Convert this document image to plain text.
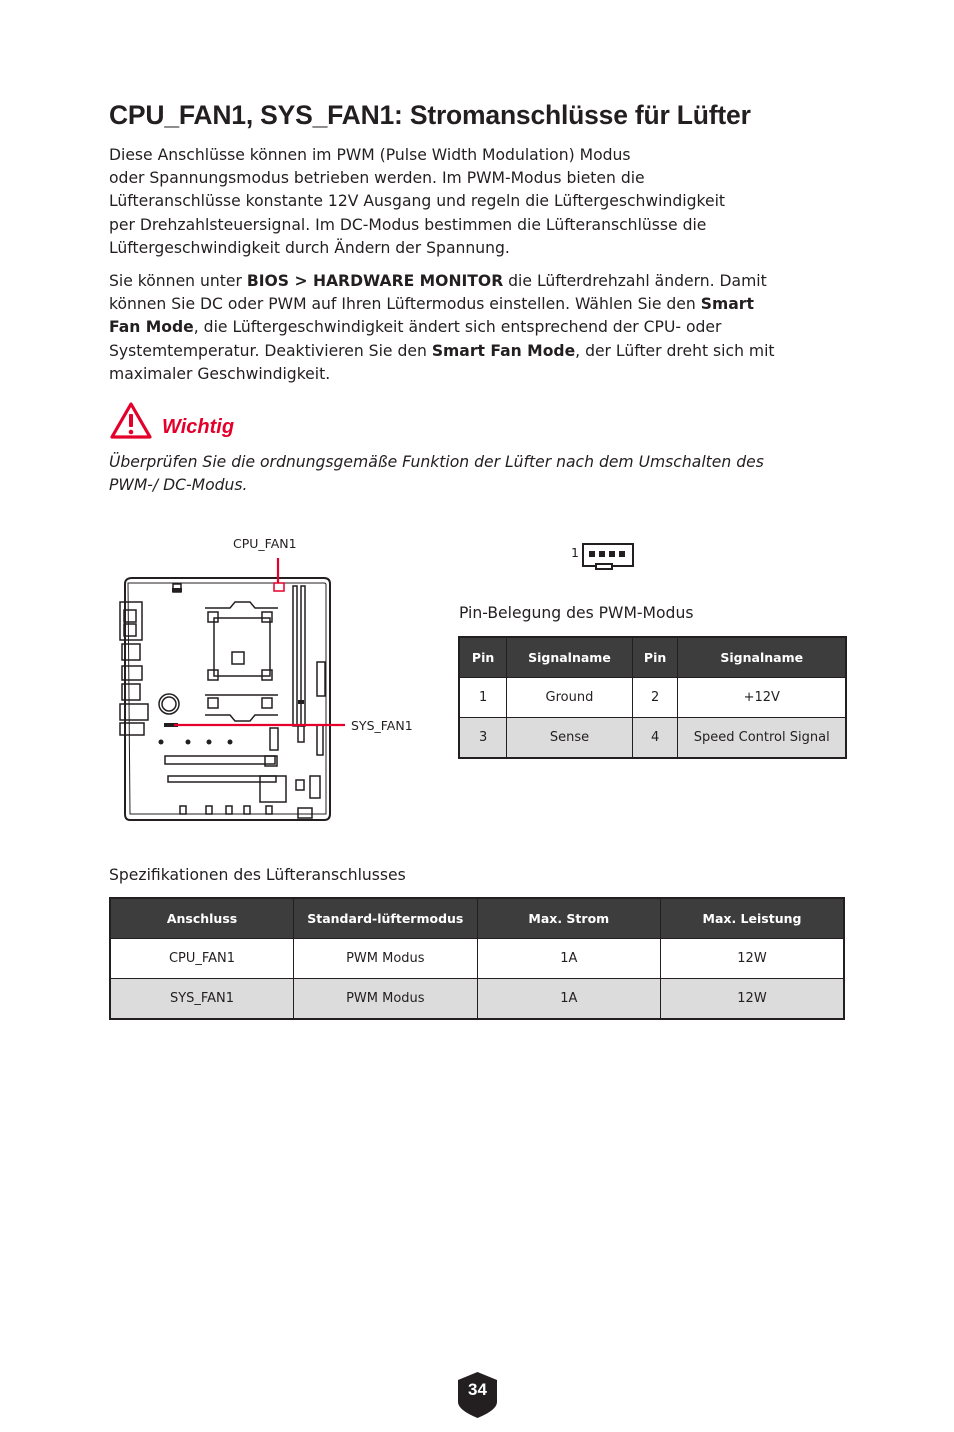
CPU_FAN1, SYS_FAN1: Stromanschlüsse für Lüfter
Diese Anschlüsse können im PWM (Pulse Width Modulation) Modus
oder Spannungsmodus betrieben werden. Im PWM-Modus bieten die
Lüfteranschlüsse konstante 12V Ausgang und regeln die Lüftergeschwindigkeit
per Drehzahlsteuersignal. Im DC-Modus bestimmen die Lüfteranschlüsse die
Lüftergeschwindigkeit durch Ändern der Spannung.
Sie können unter BIOS > HARDWARE MONITOR die Lüfterdrehzahl ändern. Damit
können Sie DC oder PWM auf Ihren Lüftermodus einstellen. Wählen Sie den Smart
Fan Mode, die Lüftergeschwindigkeit ändert sich entsprechend der CPU- oder
Systemtemperatur. Deaktivieren Sie den Smart Fan Mode, der Lüfter dreht sich mit
maximaler Geschwindigkeit.
Wichtig
Überprüfen Sie die ordnungsgemäße Funktion der Lüfter nach dem Umschalten des
PWM-/ DC-Modus.
CPU_FAN1
SYS_FAN1
1
Pin-Belegung des PWM-Modus
Pin	Signalname	Pin	Signalname
1	Ground	2	+12V
3	Sense	4	Speed Control Signal
Spezifikationen des Lüfteranschlusses
Anschluss	Standard-lüftermodus	Max. Strom	Max. Leistung
CPU_FAN1	PWM Modus	1A	12W
SYS_FAN1	PWM Modus	1A	12W
34
